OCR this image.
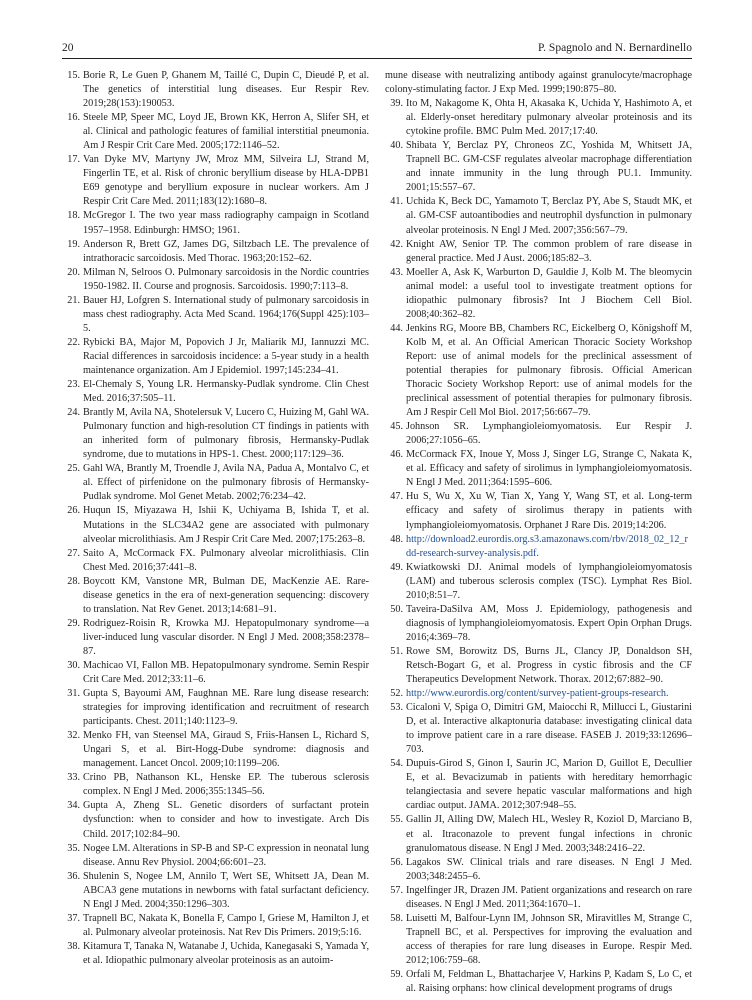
20	P. Spagnolo and N. Bernardinello
15. Borie R, Le Guen P, Ghanem M, Taillé C, Dupin C, Dieudé P, et al. The genetics of interstitial lung diseases. Eur Respir Rev. 2019;28(153):190053.
16. Steele MP, Speer MC, Loyd JE, Brown KK, Herron A, Slifer SH, et al. Clinical and pathologic features of familial interstitial pneumonia. Am J Respir Crit Care Med. 2005;172:1146–52.
17. Van Dyke MV, Martyny JW, Mroz MM, Silveira LJ, Strand M, Fingerlin TE, et al. Risk of chronic beryllium disease by HLA-DPB1 E69 genotype and beryllium exposure in nuclear workers. Am J Respir Crit Care Med. 2011;183(12):1680–8.
18. McGregor I. The two year mass radiography campaign in Scotland 1957–1958. Edinburgh: HMSO; 1961.
19. Anderson R, Brett GZ, James DG, Siltzbach LE. The prevalence of intrathoracic sarcoidosis. Med Thorac. 1963;20:152–62.
20. Milman N, Selroos O. Pulmonary sarcoidosis in the Nordic countries 1950-1982. II. Course and prognosis. Sarcoidosis. 1990;7:113–8.
21. Bauer HJ, Lofgren S. International study of pulmonary sarcoidosis in mass chest radiography. Acta Med Scand. 1964;176(Suppl 425):103–5.
22. Rybicki BA, Major M, Popovich J Jr, Maliarik MJ, Iannuzzi MC. Racial differences in sarcoidosis incidence: a 5-year study in a health maintenance organization. Am J Epidemiol. 1997;145:234–41.
23. El-Chemaly S, Young LR. Hermansky-Pudlak syndrome. Clin Chest Med. 2016;37:505–11.
24. Brantly M, Avila NA, Shotelersuk V, Lucero C, Huizing M, Gahl WA. Pulmonary function and high-resolution CT findings in patients with an inherited form of pulmonary fibrosis, Hermansky-Pudlak syndrome, due to mutations in HPS-1. Chest. 2000;117:129–36.
25. Gahl WA, Brantly M, Troendle J, Avila NA, Padua A, Montalvo C, et al. Effect of pirfenidone on the pulmonary fibrosis of Hermansky-Pudlak syndrome. Mol Genet Metab. 2002;76:234–42.
26. Huqun IS, Miyazawa H, Ishii K, Uchiyama B, Ishida T, et al. Mutations in the SLC34A2 gene are associated with pulmonary alveolar microlithiasis. Am J Respir Crit Care Med. 2007;175:263–8.
27. Saito A, McCormack FX. Pulmonary alveolar microlithiasis. Clin Chest Med. 2016;37:441–8.
28. Boycott KM, Vanstone MR, Bulman DE, MacKenzie AE. Rare-disease genetics in the era of next-generation sequencing: discovery to translation. Nat Rev Genet. 2013;14:681–91.
29. Rodriguez-Roisin R, Krowka MJ. Hepatopulmonary syndrome—a liver-induced lung vascular disorder. N Engl J Med. 2008;358:2378–87.
30. Machicao VI, Fallon MB. Hepatopulmonary syndrome. Semin Respir Crit Care Med. 2012;33:11–6.
31. Gupta S, Bayoumi AM, Faughnan ME. Rare lung disease research: strategies for improving identification and recruitment of research participants. Chest. 2011;140:1123–9.
32. Menko FH, van Steensel MA, Giraud S, Friis-Hansen L, Richard S, Ungari S, et al. Birt-Hogg-Dube syndrome: diagnosis and management. Lancet Oncol. 2009;10:1199–206.
33. Crino PB, Nathanson KL, Henske EP. The tuberous sclerosis complex. N Engl J Med. 2006;355:1345–56.
34. Gupta A, Zheng SL. Genetic disorders of surfactant protein dysfunction: when to consider and how to investigate. Arch Dis Child. 2017;102:84–90.
35. Nogee LM. Alterations in SP-B and SP-C expression in neonatal lung disease. Annu Rev Physiol. 2004;66:601–23.
36. Shulenin S, Nogee LM, Annilo T, Wert SE, Whitsett JA, Dean M. ABCA3 gene mutations in newborns with fatal surfactant deficiency. N Engl J Med. 2004;350:1296–303.
37. Trapnell BC, Nakata K, Bonella F, Campo I, Griese M, Hamilton J, et al. Pulmonary alveolar proteinosis. Nat Rev Dis Primers. 2019;5:16.
38. Kitamura T, Tanaka N, Watanabe J, Uchida, Kanegasaki S, Yamada Y, et al. Idiopathic pulmonary alveolar proteinosis as an autoim-
mune disease with neutralizing antibody against granulocyte/macrophage colony-stimulating factor. J Exp Med. 1999;190:875–80.
39. Ito M, Nakagome K, Ohta H, Akasaka K, Uchida Y, Hashimoto A, et al. Elderly-onset hereditary pulmonary alveolar proteinosis and its cytokine profile. BMC Pulm Med. 2017;17:40.
40. Shibata Y, Berclaz PY, Chroneos ZC, Yoshida M, Whitsett JA, Trapnell BC. GM-CSF regulates alveolar macrophage differentiation and innate immunity in the lung through PU.1. Immunity. 2001;15:557–67.
41. Uchida K, Beck DC, Yamamoto T, Berclaz PY, Abe S, Staudt MK, et al. GM-CSF autoantibodies and neutrophil dysfunction in pulmonary alveolar proteinosis. N Engl J Med. 2007;356:567–79.
42. Knight AW, Senior TP. The common problem of rare disease in general practice. Med J Aust. 2006;185:82–3.
43. Moeller A, Ask K, Warburton D, Gauldie J, Kolb M. The bleomycin animal model: a useful tool to investigate treatment options for idiopathic pulmonary fibrosis? Int J Biochem Cell Biol. 2008;40:362–82.
44. Jenkins RG, Moore BB, Chambers RC, Eickelberg O, Königshoff M, Kolb M, et al. An Official American Thoracic Society Workshop Report: use of animal models for the preclinical assessment of potential therapies for pulmonary fibrosis. Official American Thoracic Society Workshop Report: use of animal models for the preclinical assessment of potential therapies for pulmonary fibrosis. Am J Respir Cell Mol Biol. 2017;56:667–79.
45. Johnson SR. Lymphangioleiomyomatosis. Eur Respir J. 2006;27:1056–65.
46. McCormack FX, Inoue Y, Moss J, Singer LG, Strange C, Nakata K, et al. Efficacy and safety of sirolimus in lymphangioleiomyomatosis. N Engl J Med. 2011;364:1595–606.
47. Hu S, Wu X, Xu W, Tian X, Yang Y, Wang ST, et al. Long-term efficacy and safety of sirolimus therapy in patients with lymphangioleiomyomatosis. Orphanet J Rare Dis. 2019;14:206.
48. http://download2.eurordis.org.s3.amazonaws.com/rbv/2018_02_12_rdd-research-survey-analysis.pdf.
49. Kwiatkowski DJ. Animal models of lymphangioleiomyomatosis (LAM) and tuberous sclerosis complex (TSC). Lymphat Res Biol. 2010;8:51–7.
50. Taveira-DaSilva AM, Moss J. Epidemiology, pathogenesis and diagnosis of lymphangioleiomyomatosis. Expert Opin Orphan Drugs. 2016;4:369–78.
51. Rowe SM, Borowitz DS, Burns JL, Clancy JP, Donaldson SH, Retsch-Bogart G, et al. Progress in cystic fibrosis and the CF Therapeutics Development Network. Thorax. 2012;67:882–90.
52. http://www.eurordis.org/content/survey-patient-groups-research.
53. Cicaloni V, Spiga O, Dimitri GM, Maiocchi R, Millucci L, Giustarini D, et al. Interactive alkaptonuria database: investigating clinical data to improve patient care in a rare disease. FASEB J. 2019;33:12696–703.
54. Dupuis-Girod S, Ginon I, Saurin JC, Marion D, Guillot E, Decullier E, et al. Bevacizumab in patients with hereditary hemorrhagic telangiectasia and severe hepatic vascular malformations and high cardiac output. JAMA. 2012;307:948–55.
55. Gallin JI, Alling DW, Malech HL, Wesley R, Koziol D, Marciano B, et al. Itraconazole to prevent fungal infections in chronic granulomatous disease. N Engl J Med. 2003;348:2416–22.
56. Lagakos SW. Clinical trials and rare diseases. N Engl J Med. 2003;348:2455–6.
57. Ingelfinger JR, Drazen JM. Patient organizations and research on rare diseases. N Engl J Med. 2011;364:1670–1.
58. Luisetti M, Balfour-Lynn IM, Johnson SR, Miravitlles M, Strange C, Trapnell BC, et al. Perspectives for improving the evaluation and access of therapies for rare lung diseases in Europe. Respir Med. 2012;106:759–68.
59. Orfali M, Feldman L, Bhattacharjee V, Harkins P, Kadam S, Lo C, et al. Raising orphans: how clinical development programs of drugs
